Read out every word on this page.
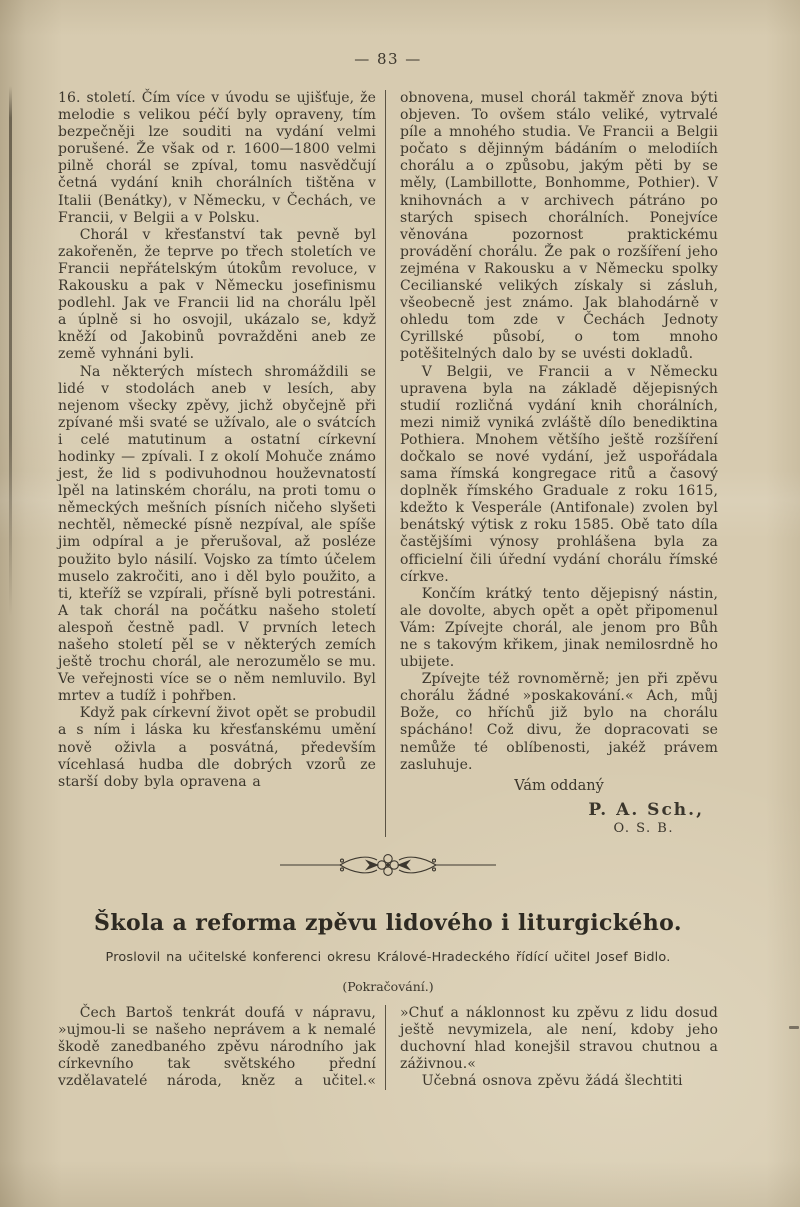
— 83 —

16. století. Čím více v úvodu se ujišťuje, že melodie s velikou péčí byly opraveny, tím bezpečněji lze souditi na vydání velmi porušené. Že však od r. 1600—1800 velmi pilně chorál se zpíval, tomu nasvědčují četná vydání knih chorálních tištěna v Italii (Benátky), v Německu, v Čechách, ve Francii, v Belgii a v Polsku.

Chorál v křesťanství tak pevně byl zakořeněn, že teprve po třech stoletích ve Francii nepřátelským útokům revoluce, v Rakousku a pak v Německu josefinismu podlehl. Jak ve Francii lid na chorálu lpěl a úplně si ho osvojil, ukázalo se, když kněží od Jakobinů povražděni aneb ze země vyhnáni byli.

Na některých místech shromáždili se lidé v stodolách aneb v lesích, aby nejenom všecky zpěvy, jichž obyčejně při zpívané mši svaté se užívalo, ale o svátcích i celé matutinum a ostatní církevní hodinky — zpívali. I z okolí Mohuče známo jest, že lid s podivuhodnou houževnatostí lpěl na latinském chorálu, na proti tomu o německých mešních písních ničeho slyšeti nechtěl, německé písně nezpíval, ale spíše jim odpíral a je přerušoval, až posléze použito bylo násilí. Vojsko za tímto účelem muselo zakročiti, ano i děl bylo použito, a ti, kteříž se vzpírali, přísně byli potrestáni. A tak chorál na počátku našeho století alespoň čestně padl. V prvních letech našeho století pěl se v některých zemích ještě trochu chorál, ale nerozumělo se mu. Ve veřejnosti více se o něm nemluvilo. Byl mrtev a tudíž i pohřben.

Když pak církevní život opět se probudil a s ním i láska ku křesťanskému umění nově oživla a posvátná, především vícehlasá hudba dle dobrých vzorů ze starší doby byla opravena a

obnovena, musel chorál takměř znova býti objeven. To ovšem stálo veliké, vytrvalé píle a mnohého studia. Ve Francii a Belgii počato s dějinným bádáním o melodiích chorálu a o způsobu, jakým pěti by se měly, (Lambillotte, Bonhomme, Pothier). V knihovnách a v archivech pátráno po starých spisech chorálních. Ponejvíce věnována pozornost praktickému provádění chorálu. Že pak o rozšíření jeho zejména v Rakousku a v Německu spolky Cecilianské velikých získaly si zásluh, všeobecně jest známo. Jak blahodárně v ohledu tom zde v Čechách Jednoty Cyrillské působí, o tom mnoho potěšitelných dalo by se uvésti dokladů.

V Belgii, ve Francii a v Německu upravena byla na základě dějepisných studií rozličná vydání knih chorálních, mezi nimiž vyniká zvláště dílo benediktina Pothiera. Mnohem většího ještě rozšíření dočkalo se nové vydání, jež uspořádala sama římská kongregace ritů a časový doplněk římského Graduale z roku 1615, kdežto k Vesperále (Antifonale) zvolen byl benátský výtisk z roku 1585. Obě tato díla častějšími výnosy prohlášena byla za officielní čili úřední vydání chorálu římské církve.

Končím krátký tento dějepisný nástin, ale dovolte, abych opět a opět připomenul Vám: Zpívejte chorál, ale jenom pro Bůh ne s takovým křikem, jinak nemilosrdně ho ubijete.

Zpívejte též rovnoměrně; jen při zpěvu chorálu žádné »poskakování.« Ach, můj Bože, co hříchů již bylo na chorálu spácháno! Což divu, že dopracovati se nemůže té oblíbenosti, jakéž právem zasluhuje.

Vám oddaný

P. A. Sch.,

O. S. B.

Škola a reforma zpěvu lidového i liturgického.
Proslovil na učitelské konferenci okresu Králové-Hradeckého řídící učitel Josef Bidlo.
(Pokračování.)

Čech Bartoš tenkrát doufá v nápravu, »ujmou-li se našeho neprávem a k nemalé škodě zanedbaného zpěvu národního jak církevního tak světského přední vzdělavatelé národa, kněz a učitel.«

»Chuť a náklonnost ku zpěvu z lidu dosud ještě nevymizela, ale není, kdoby jeho duchovní hlad konejšil stravou chutnou a záživnou.«

Učebná osnova zpěvu žádá šlechtiti
